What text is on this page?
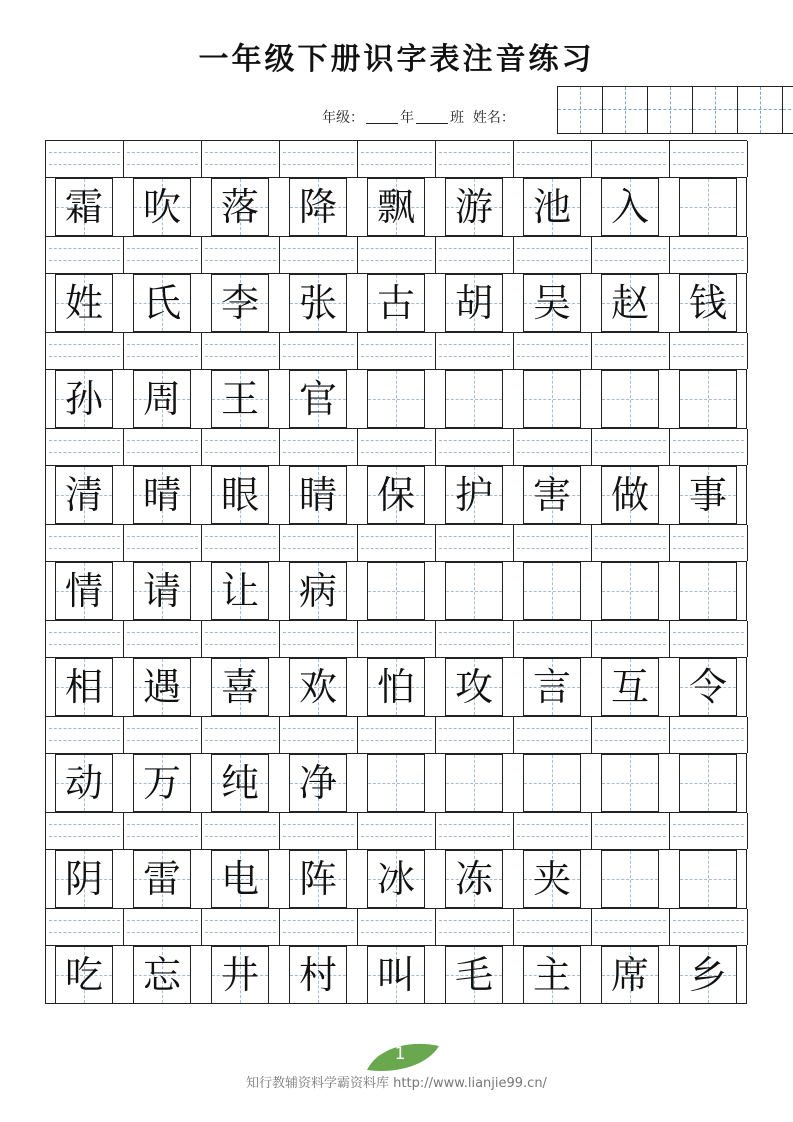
一年级下册识字表注音练习
年级：	年	班 姓名：
霜 吹 落 降 飘 游 池 入
姓 氏 李 张 古 胡 吴 赵 钱
孙 周 王 官
清 晴 眼 睛 保 护 害 做 事
情 请 让 病
相 遇 喜 欢 怕 攻 言 互 令
动 万 纯 净
阴 雷 电 阵 冰 冻 夹
吃 忘 井 村 叫 毛 主 席 乡
1
知行教辅资料学霸资料库 http://www.lianjie99.cn/
